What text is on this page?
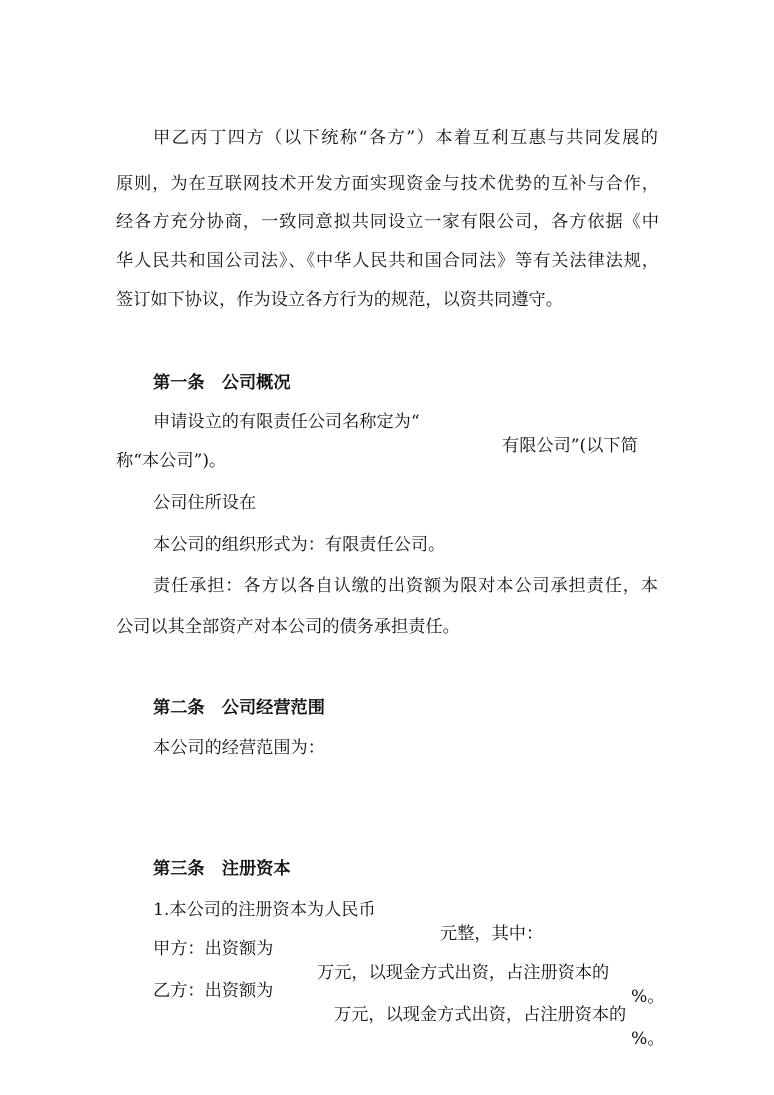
甲乙丙丁四方（以下统称“各方”）本着互利互惠与共同发展的

原则，为在互联网技术开发方面实现资金与技术优势的互补与合作，

经各方充分协商，一致同意拟共同设立一家有限公司，各方依据《中

华人民共和国公司法》、《中华人民共和国合同法》等有关法律法规，

签订如下协议，作为设立各方行为的规范，以资共同遵守。

第一条　公司概况

申请设立的有限责任公司名称定为“

有限公司”(以下简

称“本公司”)。

公司住所设在

本公司的组织形式为：有限责任公司。

责任承担：各方以各自认缴的出资额为限对本公司承担责任，本

公司以其全部资产对本公司的债务承担责任。

第二条　公司经营范围

本公司的经营范围为：

第三条　注册资本

1.本公司的注册资本为人民币

元整，其中：

甲方：出资额为

万元，以现金方式出资，占注册资本的

%。

乙方：出资额为

万元，以现金方式出资，占注册资本的

%。
